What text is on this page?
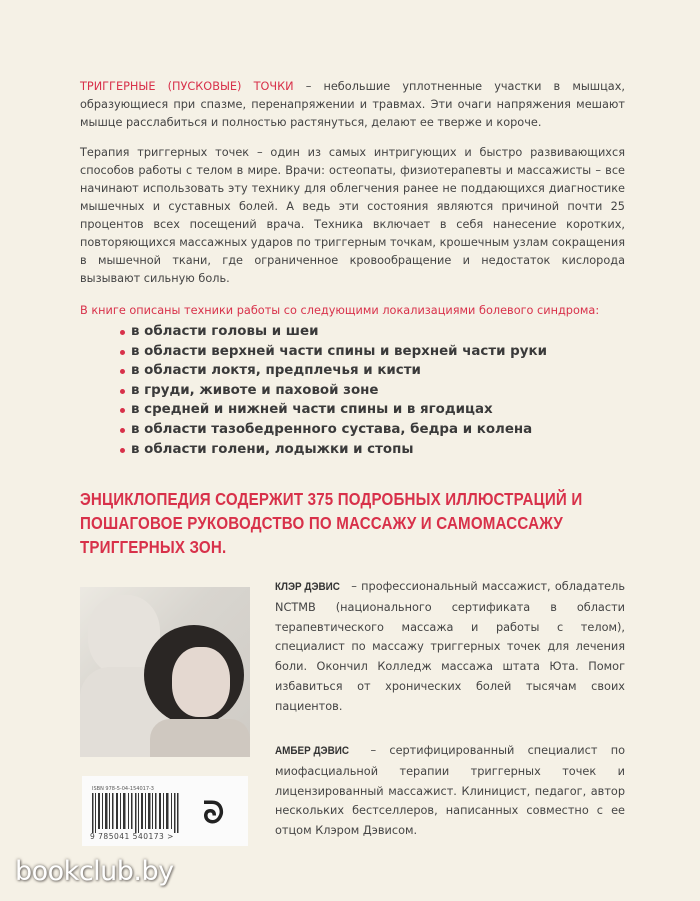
ТРИГГЕРНЫЕ (ПУСКОВЫЕ) ТОЧКИ – небольшие уплотненные участки в мышцах, образующиеся при спазме, перенапряжении и травмах. Эти очаги напряжения мешают мышце расслабиться и полностью растянуться, делают ее тверже и короче.

Терапия триггерных точек – один из самых интригующих и быстро развивающихся способов работы с телом в мире. Врачи: остеопаты, физиотерапевты и массажисты – все начинают использовать эту технику для облегчения ранее не поддающихся диагностике мышечных и суставных болей. А ведь эти состояния являются причиной почти 25 процентов всех посещений врача. Техника включает в себя нанесение коротких, повторяющихся массажных ударов по триггерным точкам, крошечным узлам сокращения в мышечной ткани, где ограниченное кровообращение и недостаток кислорода вызывают сильную боль.

В книге описаны техники работы со следующими локализациями болевого синдрома:

в области головы и шеи
в области верхней части спины и верхней части руки
в области локтя, предплечья и кисти
в груди, животе и паховой зоне
в средней и нижней части спины и в ягодицах
в области тазобедренного сустава, бедра и колена
в области голени, лодыжки и стопы

ЭНЦИКЛОПЕДИЯ СОДЕРЖИТ 375 ПОДРОБНЫХ ИЛЛЮСТРАЦИЙ И ПОШАГОВОЕ РУКОВОДСТВО ПО МАССАЖУ И САМОМАССАЖУ ТРИГГЕРНЫХ ЗОН.

КЛЭР ДЭВИС – профессиональный массажист, обладатель NCTMB (национального сертификата в области терапевтического массажа и работы с телом), специалист по массажу триггерных точек для лечения боли. Окончил Колледж массажа штата Юта. Помог избавиться от хронических болей тысячам своих пациентов.

АМБЕР ДЭВИС – сертифицированный специалист по миофасциальной терапии триггерных точек и лицензированный массажист. Клиницист, педагог, автор нескольких бестселлеров, написанных совместно с ее отцом Клэром Дэвисом.

ISBN 978-5-04-154017-3
9 785041 540173 >
ᘐ
bookclub.by
